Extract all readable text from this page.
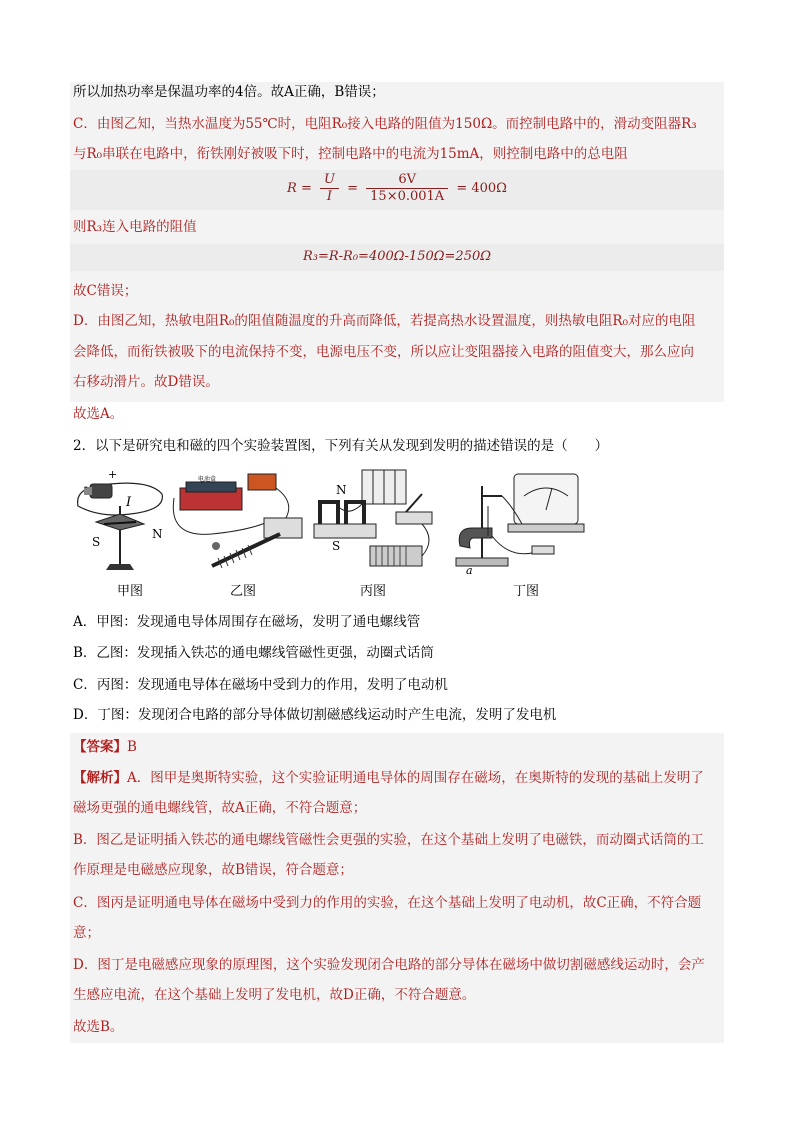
所以加热功率是保温功率的4倍。故A正确，B错误；
C．由图乙知，当热水温度为55℃时，电阻R₀接入电路的阻值为150Ω。而控制电路中的，滑动变阻器R₃
与R₀串联在电路中，衔铁刚好被吸下时，控制电路中的电流为15mA，则控制电路中的总电阻
$R = \frac{U}{I} = \frac{6V}{15\times 0.001A} = 400\Omega$
则R₃连入电路的阻值
R₃=R-R₀=400Ω-150Ω=250Ω
故C错误；
D．由图乙知，热敏电阻R₀的阻值随温度的升高而降低，若提高热水设置温度，则热敏电阻R₀对应的电阻
会降低，而衔铁被吸下的电流保持不变，电源电压不变，所以应让变阻器接入电路的阻值变大，那么应向
右移动滑片。故D错误。
故选A。
2．以下是研究电和磁的四个实验装置图，下列有关从发现到发明的描述错误的是（　　）
-
+
I
S
N
电池盒
N
S
a
甲图	乙图	丙图	丁图
A．甲图：发现通电导体周围存在磁场，发明了通电螺线管
B．乙图：发现插入铁芯的通电螺线管磁性更强，动圈式话筒
C．丙图：发现通电导体在磁场中受到力的作用，发明了电动机
D．丁图：发现闭合电路的部分导体做切割磁感线运动时产生电流，发明了发电机
【答案】B
【解析】A．图甲是奥斯特实验，这个实验证明通电导体的周围存在磁场，在奥斯特的发现的基础上发明了
磁场更强的通电螺线管，故A正确，不符合题意；
B．图乙是证明插入铁芯的通电螺线管磁性会更强的实验，在这个基础上发明了电磁铁，而动圈式话筒的工
作原理是电磁感应现象，故B错误，符合题意；
C．图丙是证明通电导体在磁场中受到力的作用的实验，在这个基础上发明了电动机，故C正确，不符合题
意；
D．图丁是电磁感应现象的原理图，这个实验发现闭合电路的部分导体在磁场中做切割磁感线运动时，会产
生感应电流，在这个基础上发明了发电机，故D正确，不符合题意。
故选B。
